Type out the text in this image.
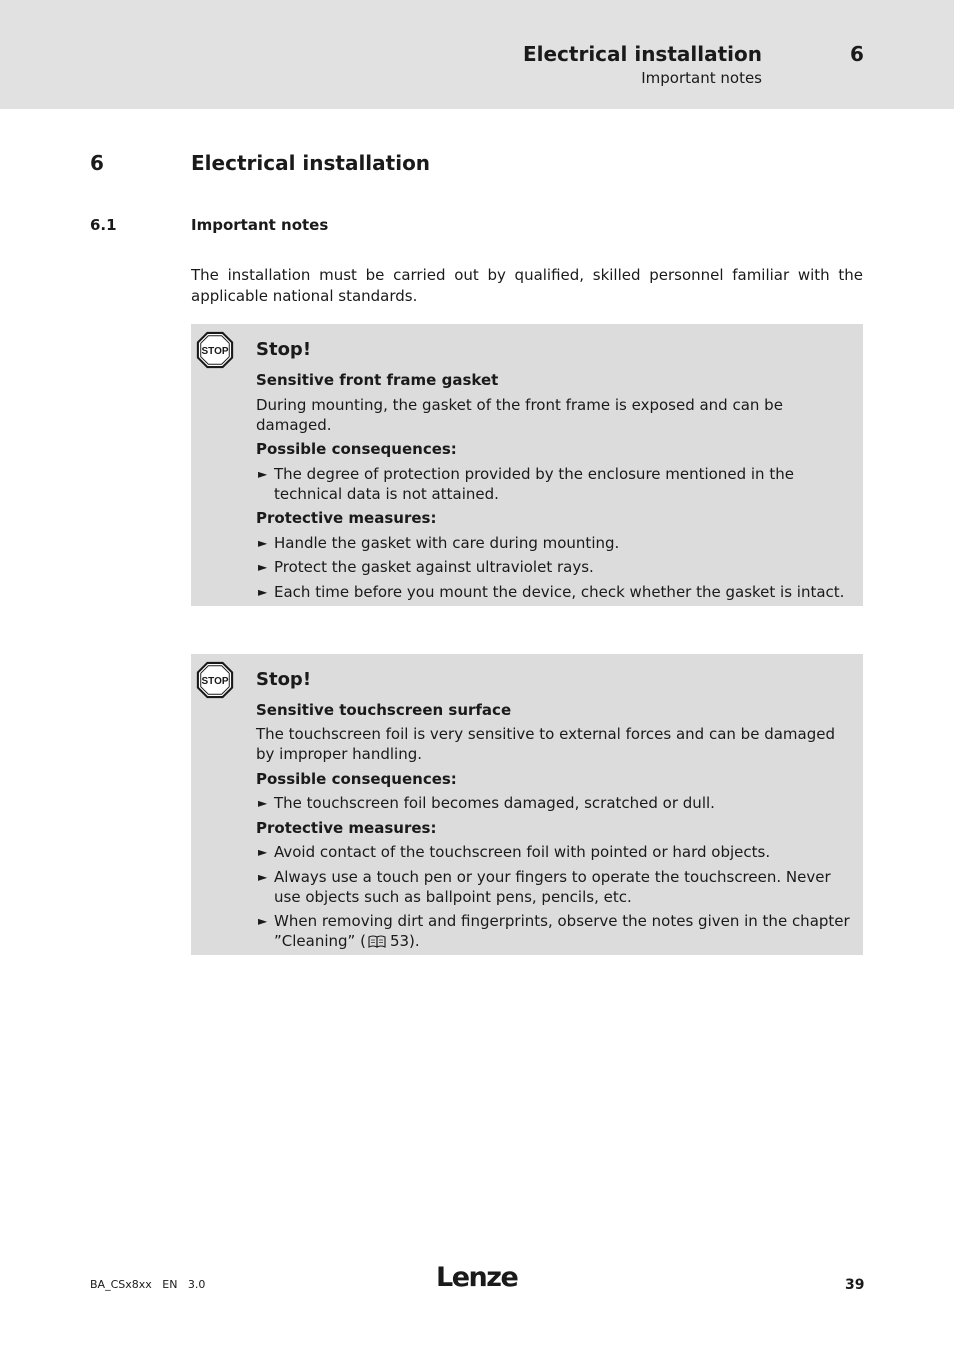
Electrical installation
Important notes
6
6	Electrical installation
6.1	Important notes

The installation must be carried out by qualified, skilled personnel familiar with the applicable national standards.

STOP Stop!
Sensitive front frame gasket
During mounting, the gasket of the front frame is exposed and can be damaged.
Possible consequences:
► The degree of protection provided by the enclosure mentioned in the technical data is not attained.
Protective measures:
► Handle the gasket with care during mounting.
► Protect the gasket against ultraviolet rays.
► Each time before you mount the device, check whether the gasket is intact.
STOP Stop!
Sensitive touchscreen surface
The touchscreen foil is very sensitive to external forces and can be damaged by improper handling.
Possible consequences:
► The touchscreen foil becomes damaged, scratched or dull.
Protective measures:
► Avoid contact of the touchscreen foil with pointed or hard objects.
► Always use a touch pen or your fingers to operate the touchscreen. Never use objects such as ballpoint pens, pencils, etc.
► When removing dirt and fingerprints, observe the notes given in the chapter ”Cleaning” ( 53).
BA_CSx8xx   EN   3.0	Lenze	39
